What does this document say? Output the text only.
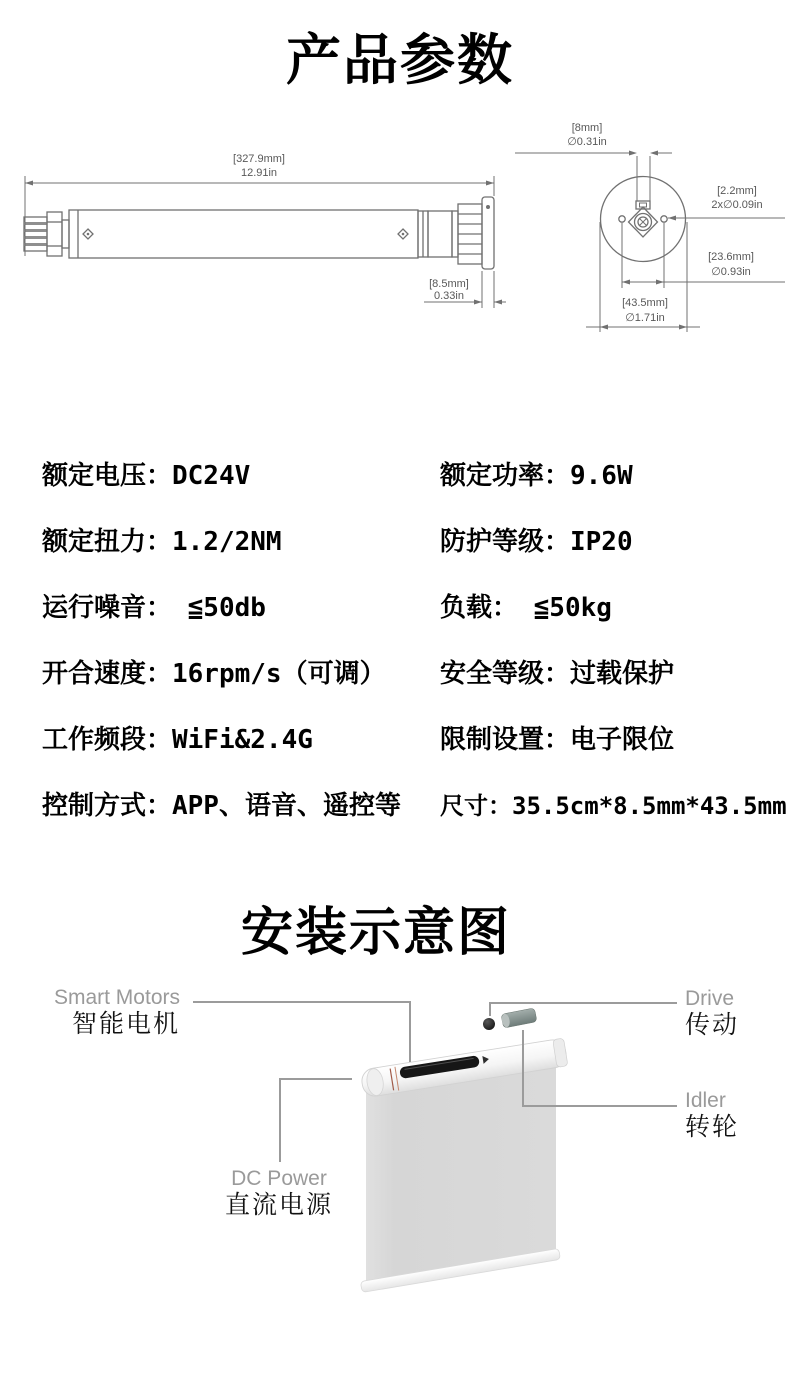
产品参数
[327.9mm]
12.91in
[8.5mm]
0.33in
[8mm]
∅0.31in
[2.2mm]
2x∅0.09in
[23.6mm]
∅0.93in
[43.5mm]
∅1.71in
额定电压：DC24V	额定功率：9.6W
额定扭力：1.2/2NM	防护等级：IP20
运行噪音： ≦50db	负载： ≦50kg
开合速度：16rpm/s（可调）	安全等级：过载保护
工作频段：WiFi&2.4G	限制设置：电子限位
控制方式：APP、语音、遥控等	尺寸：35.5cm*8.5mm*43.5mm
安装示意图
Smart Motors
智能电机
Drive
传动
Idler
转轮
DC Power
直流电源
